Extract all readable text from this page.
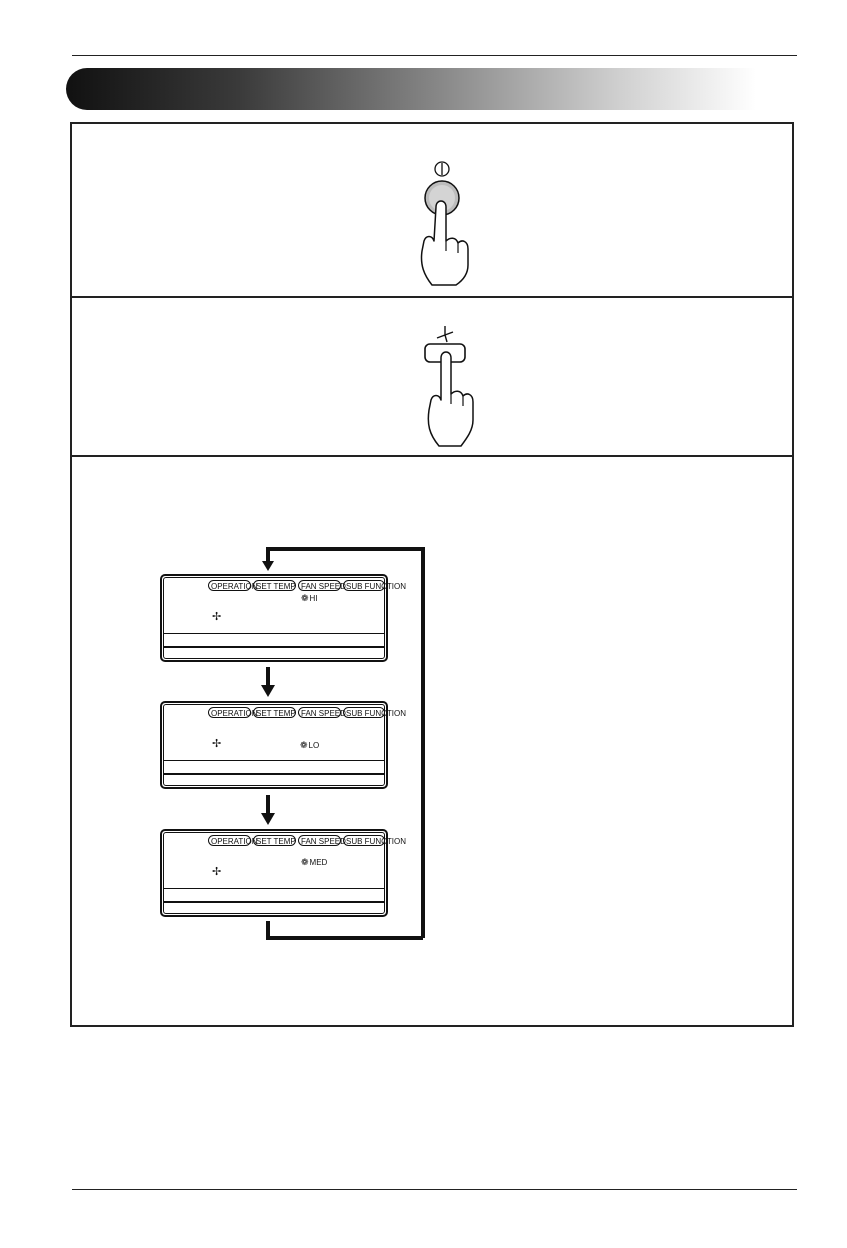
OPERATION
SET TEMP FAN SPEED SUB FUNCTION
❁HI
✢
OPERATION
SET TEMP FAN SPEED SUB FUNCTION
✢	❁LO
OPERATION
SET TEMP FAN SPEED SUB FUNCTION
❁MED
✢
